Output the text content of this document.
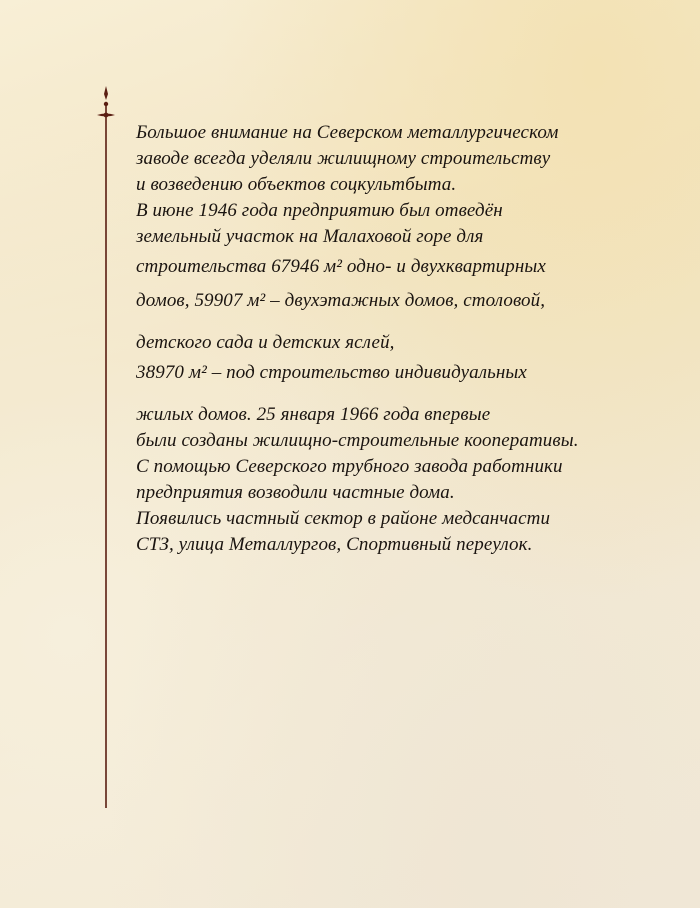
Большое внимание на Северском металлургическом
заводе всегда уделяли жилищному строительству
и возведению объектов соцкультбыта.
В июне 1946 года предприятию был отведён
земельный участок на Малаховой горе для
строительства 67946 м² одно- и двухквартирных
домов, 59907 м² – двухэтажных домов, столовой,
детского сада и детских яслей,
38970 м² – под строительство индивидуальных
жилых домов. 25 января 1966 года впервые
были созданы жилищно-строительные кооперативы.
С помощью Северского трубного завода работники
предприятия возводили частные дома.
Появились частный сектор в районе медсанчасти
СТЗ, улица Металлургов, Спортивный переулок.
